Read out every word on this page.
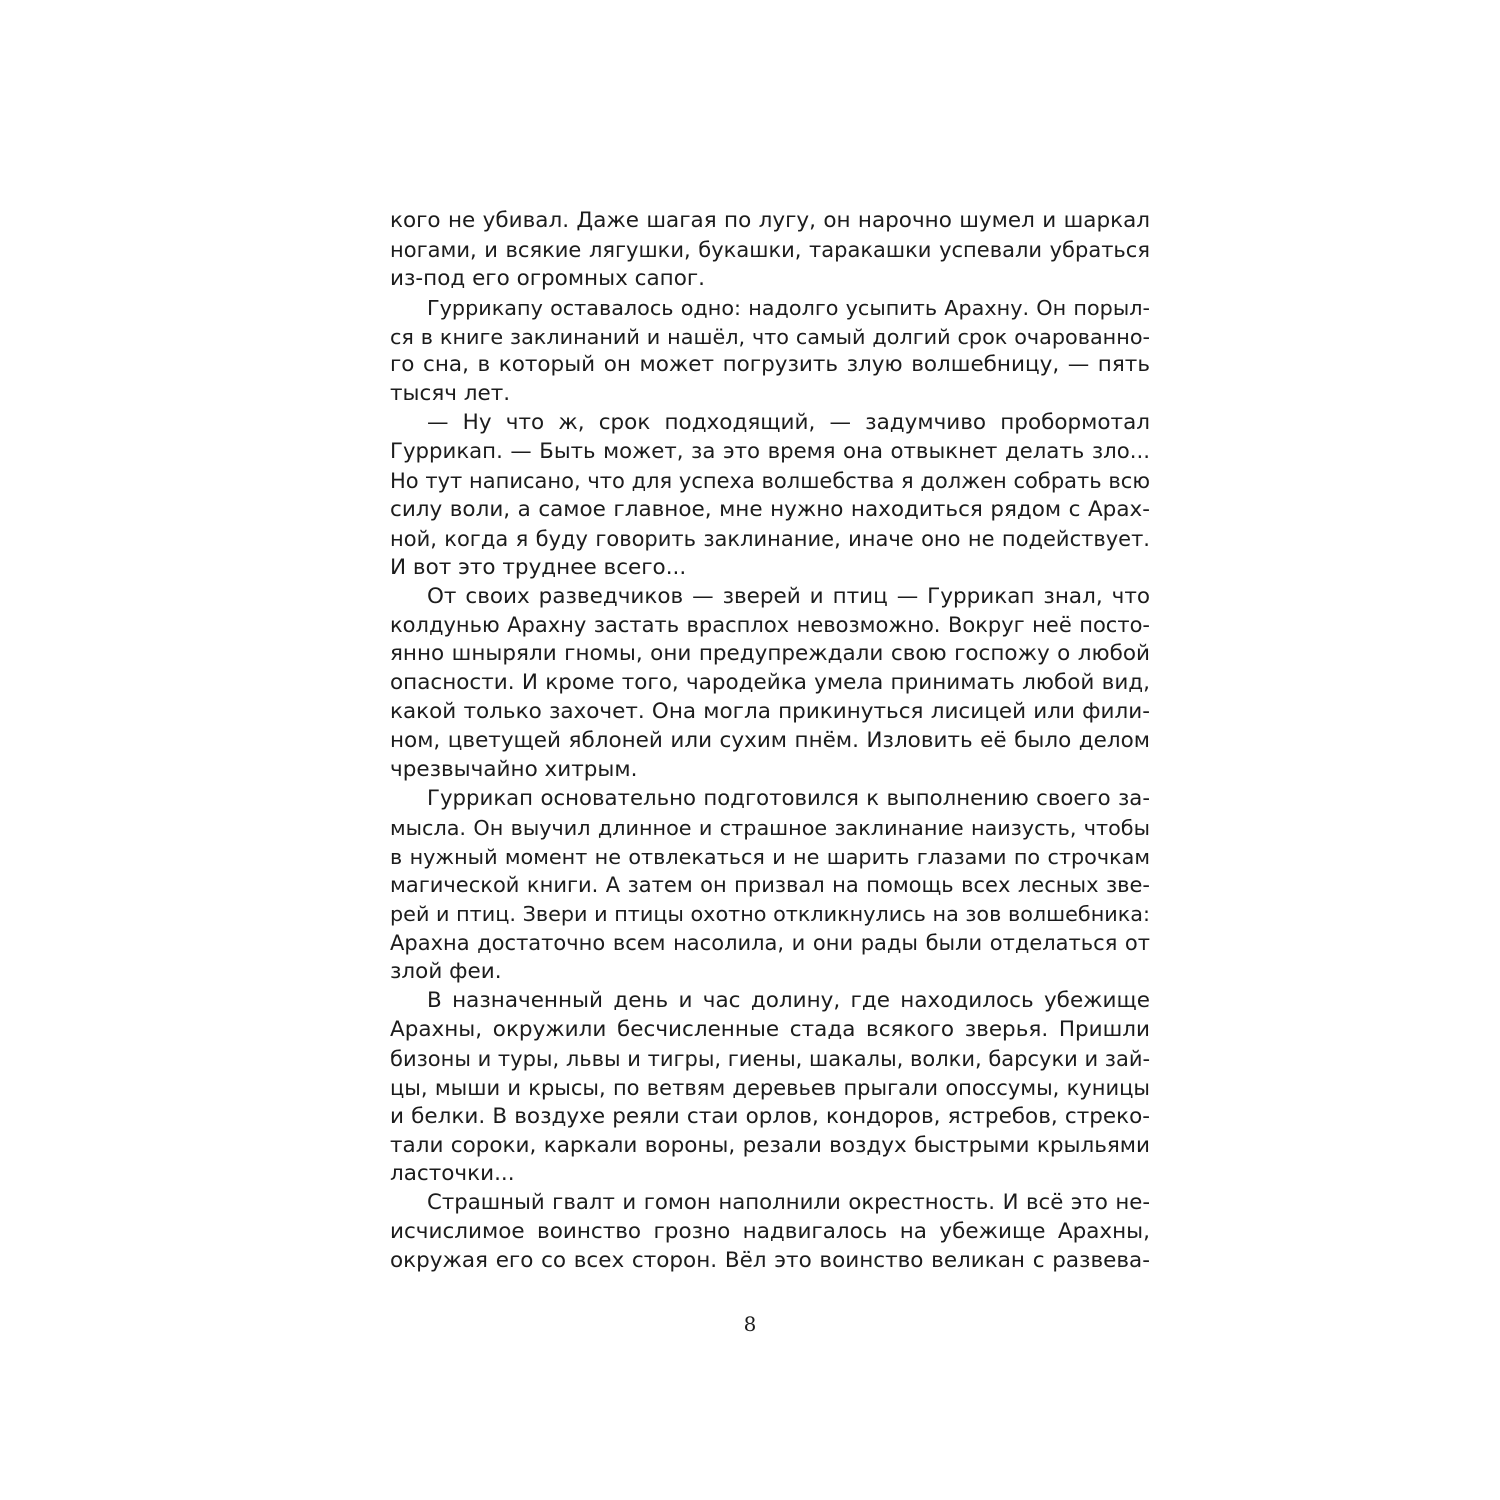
кого не убивал. Даже шагая по лугу, он нарочно шумел и шаркал
ногами, и всякие лягушки, букашки, таракашки успевали убраться
из-под его огромных сапог.
Гуррикапу оставалось одно: надолго усыпить Арахну. Он порыл-
ся в книге заклинаний и нашёл, что самый долгий срок очарованно-
го сна, в который он может погрузить злую волшебницу, — пять
тысяч лет.
— Ну что ж, срок подходящий, — задумчиво пробормотал
Гуррикап. — Быть может, за это время она отвыкнет делать зло...
Но тут написано, что для успеха волшебства я должен собрать всю
силу воли, а самое главное, мне нужно находиться рядом с Арах-
ной, когда я буду говорить заклинание, иначе оно не подействует.
И вот это труднее всего...
От своих разведчиков — зверей и птиц — Гуррикап знал, что
колдунью Арахну застать врасплох невозможно. Вокруг неё посто-
янно шныряли гномы, они предупреждали свою госпожу о любой
опасности. И кроме того, чародейка умела принимать любой вид,
какой только захочет. Она могла прикинуться лисицей или фили-
ном, цветущей яблоней или сухим пнём. Изловить её было делом
чрезвычайно хитрым.
Гуррикап основательно подготовился к выполнению своего за-
мысла. Он выучил длинное и страшное заклинание наизусть, чтобы
в нужный момент не отвлекаться и не шарить глазами по строчкам
магической книги. А затем он призвал на помощь всех лесных зве-
рей и птиц. Звери и птицы охотно откликнулись на зов волшебника:
Арахна достаточно всем насолила, и они рады были отделаться от
злой феи.
В назначенный день и час долину, где находилось убежище
Арахны, окружили бесчисленные стада всякого зверья. Пришли
бизоны и туры, львы и тигры, гиены, шакалы, волки, барсуки и зай-
цы, мыши и крысы, по ветвям деревьев прыгали опоссумы, куницы
и белки. В воздухе реяли стаи орлов, кондоров, ястребов, стреко-
тали сороки, каркали вороны, резали воздух быстрыми крыльями
ласточки...
Страшный гвалт и гомон наполнили окрестность. И всё это не-
исчислимое воинство грозно надвигалось на убежище Арахны,
окружая его со всех сторон. Вёл это воинство великан с развева-
8
